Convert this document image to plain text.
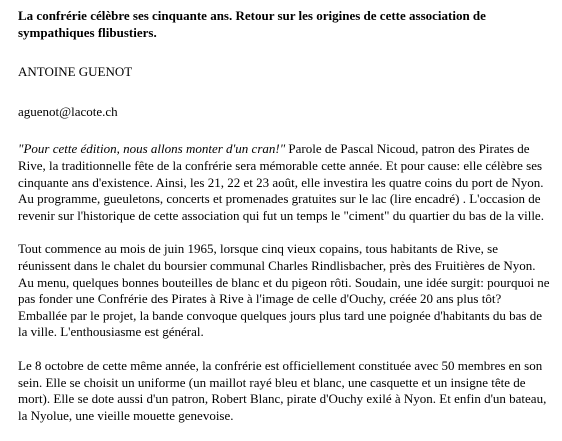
La confrérie célèbre ses cinquante ans. Retour sur les origines de cette association de sympathiques flibustiers.

ANTOINE GUENOT

aguenot@lacote.ch

"Pour cette édition, nous allons monter d'un cran!" Parole de Pascal Nicoud, patron des Pirates de Rive, la traditionnelle fête de la confrérie sera mémorable cette année. Et pour cause: elle célèbre ses cinquante ans d'existence. Ainsi, les 21, 22 et 23 août, elle investira les quatre coins du port de Nyon. Au programme, gueuletons, concerts et promenades gratuites sur le lac (lire encadré) . L'occasion de revenir sur l'historique de cette association qui fut un temps le "ciment" du quartier du bas de la ville.

Tout commence au mois de juin 1965, lorsque cinq vieux copains, tous habitants de Rive, se réunissent dans le chalet du boursier communal Charles Rindlisbacher, près des Fruitières de Nyon. Au menu, quelques bonnes bouteilles de blanc et du pigeon rôti. Soudain, une idée surgit: pourquoi ne pas fonder une Confrérie des Pirates à Rive à l'image de celle d'Ouchy, créée 20 ans plus tôt? Emballée par le projet, la bande convoque quelques jours plus tard une poignée d'habitants du bas de la ville. L'enthousiasme est général.

Le 8 octobre de cette même année, la confrérie est officiellement constituée avec 50 membres en son sein. Elle se choisit un uniforme (un maillot rayé bleu et blanc, une casquette et un insigne tête de mort). Elle se dote aussi d'un patron, Robert Blanc, pirate d'Ouchy exilé à Nyon. Et enfin d'un bateau, la Nyolue, une vieille mouette genevoise.
